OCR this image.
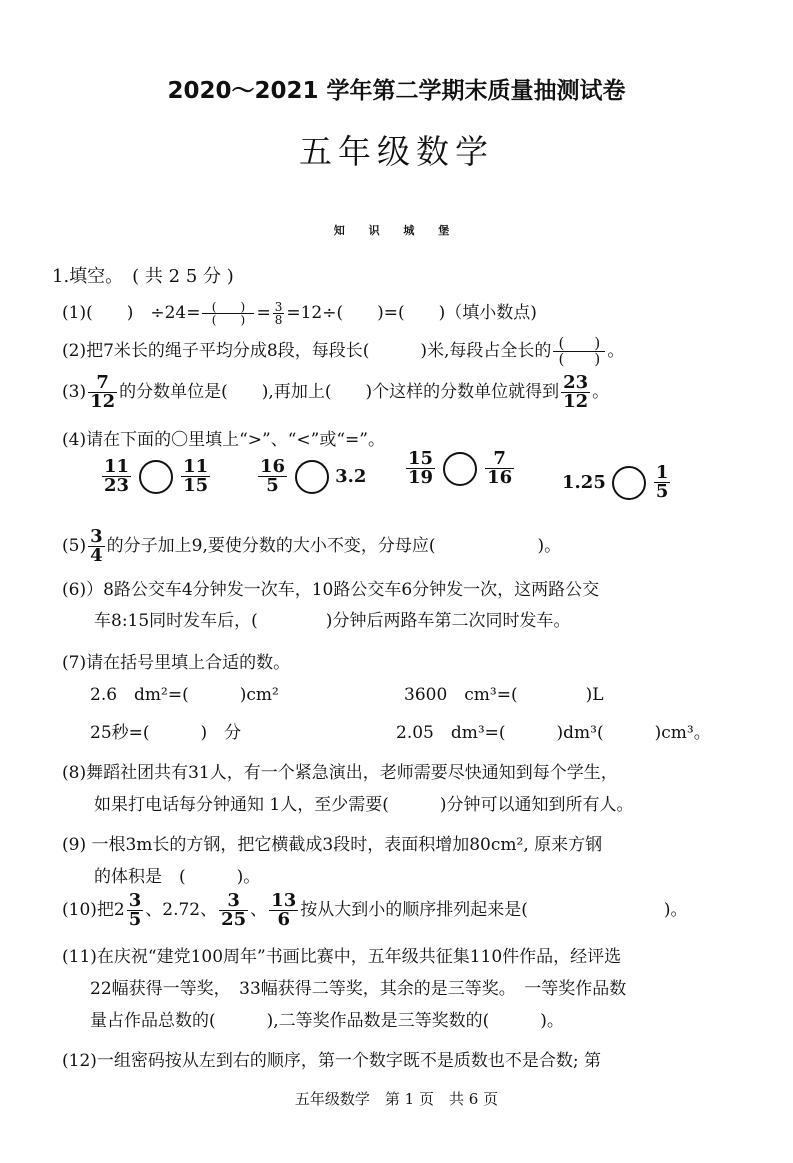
2020～2021 学年第二学期末质量抽测试卷
五年级数学
知 识 城 堡
1.填空。　( 共 2 5 分 )
(1)(　　)　$\div 24= \frac{( )}{( )} = \frac{3}{8} =12\div$(　　)=(　　)（填小数点)
(2)把7米长的绳子平均分成8段，每段长(　　　)米,每段占全长的 $\frac{( )}{( )}$ 。
$(3) \frac{7}{12}$ 的分数单位是(　　),再加上(　　)个这样的分数单位就得到 $\frac{23}{12}$ 。
(4)请在下面的〇里填上“>”、“<”或“=”。
$\frac{11}{23}$	$\frac{11}{15}$	$\frac{16}{5}$	$3.2 \frac{15}{19}$	$\frac{7}{16}$	1.25	$\frac{1}{5}$
$(5) \frac{3}{4}$ 的分子加上9,要使分数的大小不变，分母应(　　　　　　)。
(6)）8路公交车4分钟发一次车，10路公交车6分钟发一次，这两路公交
车8:15同时发车后，(　　　　)分钟后两路车第二次同时发车。
(7)请在括号里填上合适的数。
2.6　dm²=(　　　)cm²	3600　cm³=(　　　　)L
25秒=(　　　)　分	2.05　dm³=(　　　)dm³(　　　)cm³。
(8)舞蹈社团共有31人，有一个紧急演出，老师需要尽快通知到每个学生，
如果打电话每分钟通知 1人，至少需要(　　　)分钟可以通知到所有人。
(9) 一根3m长的方钢，把它横截成3段时，表面积增加80cm², 原来方钢
的体积是　(　　　)。
(10)把$2 \frac{3}{5}$ 、2.72、 $\frac{3}{25}$ 、 $\frac{13}{6}$ 按从大到小的顺序排列起来是(　　　　　　　　)。
(11)在庆祝“建党100周年”书画比赛中，五年级共征集110件作品，经评选
22幅获得一等奖，　33幅获得二等奖，其余的是三等奖。　一等奖作品数
量占作品总数的(　　　),二等奖作品数是三等奖数的(　　　)。
(12)一组密码按从左到右的顺序，第一个数字既不是质数也不是合数; 第
五年级数学　第 1 页　共 6 页
